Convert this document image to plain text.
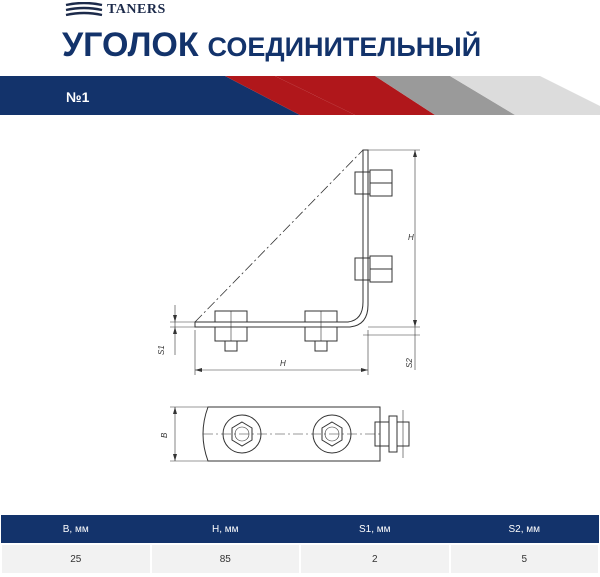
TANERS
УГОЛОК СОЕДИНИТЕЛЬНЫЙ
№1
H
H
S1
S2
B
B, мм	H, мм	S1, мм	S2, мм
25	85	2	5
